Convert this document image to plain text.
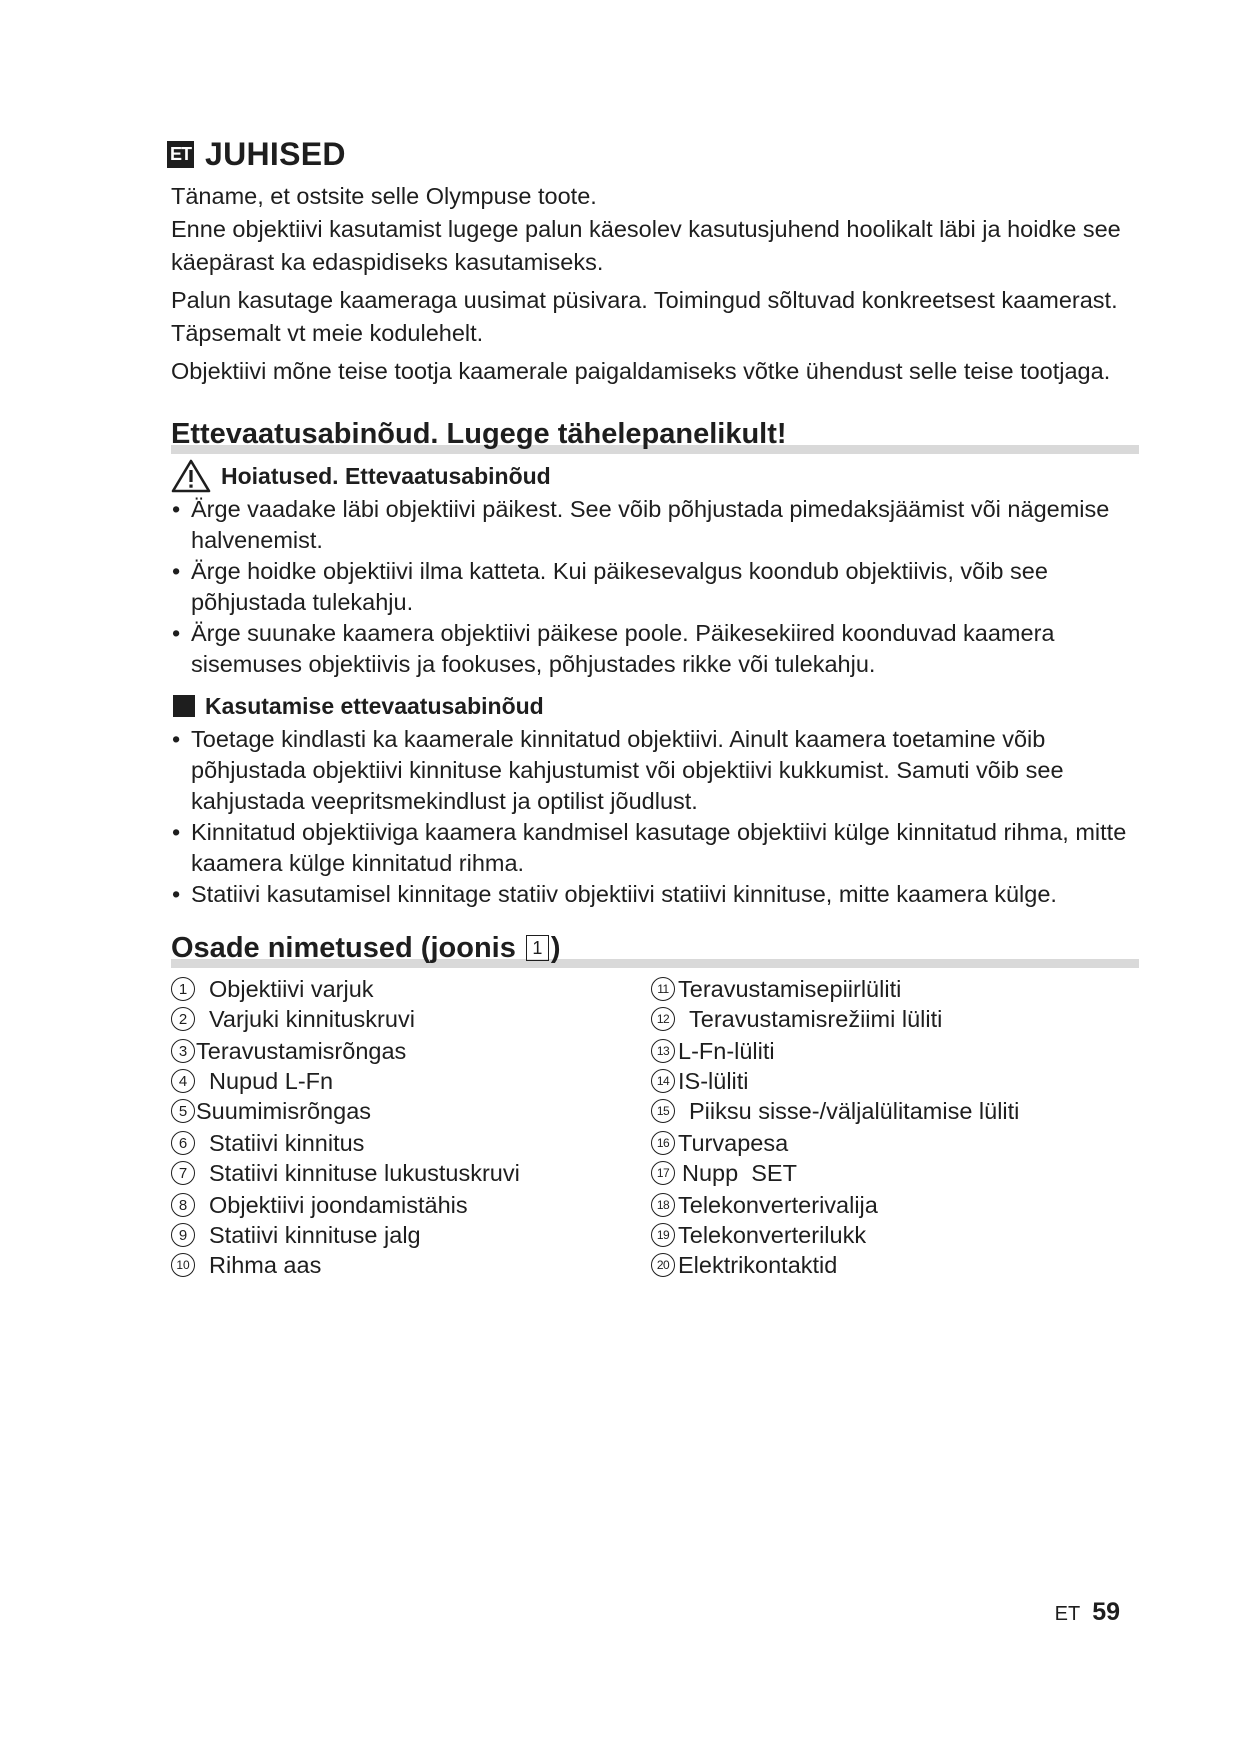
ET JUHISED

Täname, et ostsite selle Olympuse toote.

Enne objektiivi kasutamist lugege palun käesolev kasutusjuhend hoolikalt läbi ja hoidke see käepärast ka edaspidiseks kasutamiseks.

Palun kasutage kaameraga uusimat püsivara. Toimingud sõltuvad konkreetsest kaamerast. Täpsemalt vt meie kodulehelt.

Objektiivi mõne teise tootja kaamerale paigaldamiseks võtke ühendust selle teise tootjaga.

Ettevaatusabinõud. Lugege tähelepanelikult!
Hoiatused. Ettevaatusabinõud
• Ärge vaadake läbi objektiivi päikest. See võib põhjustada pimedaksjäämist või nägemise halvenemist.
• Ärge hoidke objektiivi ilma katteta. Kui päikesevalgus koondub objektiivis, võib see põhjustada tulekahju.
• Ärge suunake kaamera objektiivi päikese poole. Päikesekiired koonduvad kaamera sisemuses objektiivis ja fookuses, põhjustades rikke või tulekahju.
Kasutamise ettevaatusabinõud
• Toetage kindlasti ka kaamerale kinnitatud objektiivi. Ainult kaamera toetamine võib põhjustada objektiivi kinnituse kahjustumist või objektiivi kukkumist. Samuti võib see kahjustada veepritsmekindlust ja optilist jõudlust.
• Kinnitatud objektiiviga kaamera kandmisel kasutage objektiivi külge kinnitatud rihma, mitte kaamera külge kinnitatud rihma.
• Statiivi kasutamisel kinnitage statiiv objektiivi statiivi kinnituse, mitte kaamera külge.
Osade nimetused (joonis 1 )
1 Objektiivi varjuk
2 Varjuki kinnituskruvi
3 Teravustamisrõngas
4 Nupud L-Fn
5 Suumimisrõngas
6 Statiivi kinnitus
7 Statiivi kinnituse lukustuskruvi
8 Objektiivi joondamistähis
9 Statiivi kinnituse jalg
10 Rihma aas
11 Teravustamisepiirlüliti
12 Teravustamisrežiimi lüliti
13 L-Fn-lüliti
14 IS-lüliti
15 Piiksu sisse-/väljalülitamise lüliti
16 Turvapesa
17 Nupp  SET
18 Telekonverterivalija
19 Telekonverterilukk
20 Elektrikontaktid
ET 59
